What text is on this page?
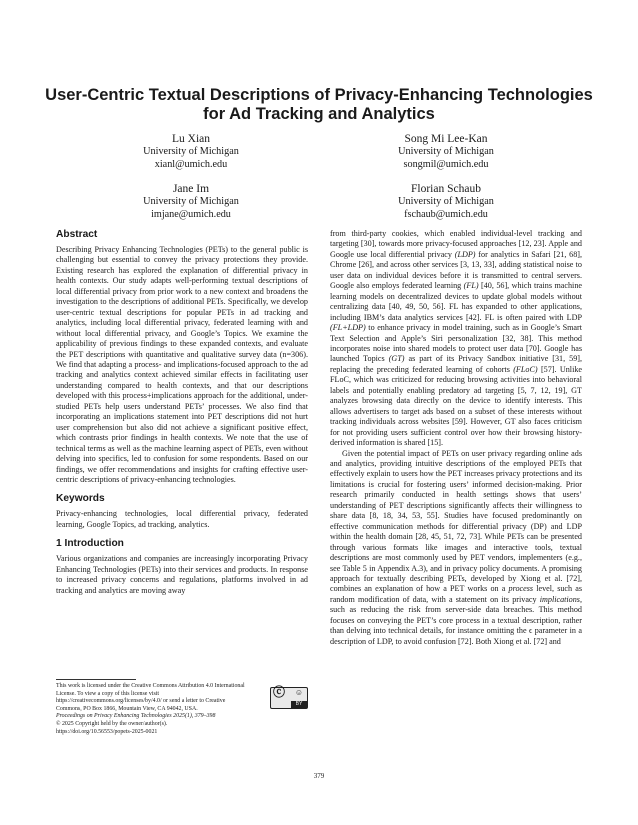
User-Centric Textual Descriptions of Privacy-Enhancing Technologies for Ad Tracking and Analytics
Lu Xian
University of Michigan
xianl@umich.edu
Song Mi Lee-Kan
University of Michigan
songmil@umich.edu
Jane Im
University of Michigan
imjane@umich.edu
Florian Schaub
University of Michigan
fschaub@umich.edu
Abstract

Describing Privacy Enhancing Technologies (PETs) to the general public is challenging but essential to convey the privacy protections they provide. Existing research has explored the explanation of differential privacy in health contexts. Our study adapts well-performing textual descriptions of local differential privacy from prior work to a new context and broadens the investigation to the descriptions of additional PETs. Specifically, we develop user-centric textual descriptions for popular PETs in ad tracking and analytics, including local differential privacy, federated learning with and without local differential privacy, and Google’s Topics. We examine the applicability of previous findings to these expanded contexts, and evaluate the PET descriptions with quantitative and qualitative survey data (n=306). We find that adapting a process- and implications-focused approach to the ad tracking and analytics context achieved similar effects in facilitating user understanding compared to health contexts, and that our descriptions developed with this process+implications approach for the additional, under-studied PETs help users understand PETs’ processes. We also find that incorporating an implications statement into PET descriptions did not hurt user comprehension but also did not achieve a significant positive effect, which contrasts prior findings in health contexts. We note that the use of technical terms as well as the machine learning aspect of PETs, even without delving into specifics, led to confusion for some respondents. Based on our findings, we offer recommendations and insights for crafting effective user-centric descriptions of privacy-enhancing technologies.

Keywords

Privacy-enhancing technologies, local differential privacy, federated learning, Google Topics, ad tracking, analytics.

1 Introduction

Various organizations and companies are increasingly incorporating Privacy Enhancing Technologies (PETs) into their services and products. In response to increased privacy concerns and regulations, platforms involved in ad tracking and analytics are moving away

This work is licensed under the Creative Commons Attribution 4.0 International License. To view a copy of this license visit https://creativecommons.org/licenses/by/4.0/ or send a letter to Creative Commons, PO Box 1866, Mountain View, CA 94042, USA.
ⓒ ☺
BY
Proceedings on Privacy Enhancing Technologies 2025(1), 379–398
© 2025 Copyright held by the owner/author(s).
https://doi.org/10.56553/popets-2025-0021

from third-party cookies, which enabled individual-level tracking and targeting [30], towards more privacy-focused approaches [12, 23]. Apple and Google use local differential privacy (LDP) for analytics in Safari [21, 68], Chrome [26], and across other services [3, 13, 33], adding statistical noise to user data on individual devices before it is transmitted to central servers. Google also employs federated learning (FL) [40, 56], which trains machine learning models on decentralized devices to update global models without centralizing data [40, 49, 50, 56]. FL has expanded to other applications, including IBM’s data analytics services [42]. FL is often paired with LDP (FL+LDP) to enhance privacy in model training, such as in Google’s Smart Text Selection and Apple’s Siri personalization [32, 38]. This method incorporates noise into shared models to protect user data [70]. Google has launched Topics (GT) as part of its Privacy Sandbox initiative [31, 59], replacing the preceding federated learning of cohorts (FLoC) [57]. Unlike FLoC, which was criticized for reducing browsing activities into behavioral labels and potentially enabling predatory ad targeting [5, 7, 12, 19], GT analyzes browsing data directly on the device to identify interests. This allows advertisers to target ads based on a subset of these interests without tracking individuals across websites [59]. However, GT also faces criticism for not providing users sufficient control over how their browsing history-derived information is shared [15].

Given the potential impact of PETs on user privacy regarding online ads and analytics, providing intuitive descriptions of the employed PETs that effectively explain to users how the PET increases privacy protections and its limitations is crucial for fostering users’ informed decision-making. Prior research primarily conducted in health settings shows that users’ understanding of PET descriptions significantly affects their willingness to share data [8, 18, 34, 53, 55]. Studies have focused predominantly on effective communication methods for differential privacy (DP) and LDP within the health domain [28, 45, 51, 72, 73]. While PETs can be presented through various formats like images and interactive tools, textual descriptions are most commonly used by PET vendors, implementers (e.g., see Table 5 in Appendix A.3), and in privacy policy documents. A promising approach for textually describing PETs, developed by Xiong et al. [72], combines an explanation of how a PET works on a process level, such as random modification of data, with a statement on its privacy implications, such as reducing the risk from server-side data breaches. This method focuses on conveying the PET’s core process in a textual description, rather than delving into technical details, for instance omitting the ϵ parameter in a description of LDP, to avoid confusion [72]. Both Xiong et al. [72] and

379
